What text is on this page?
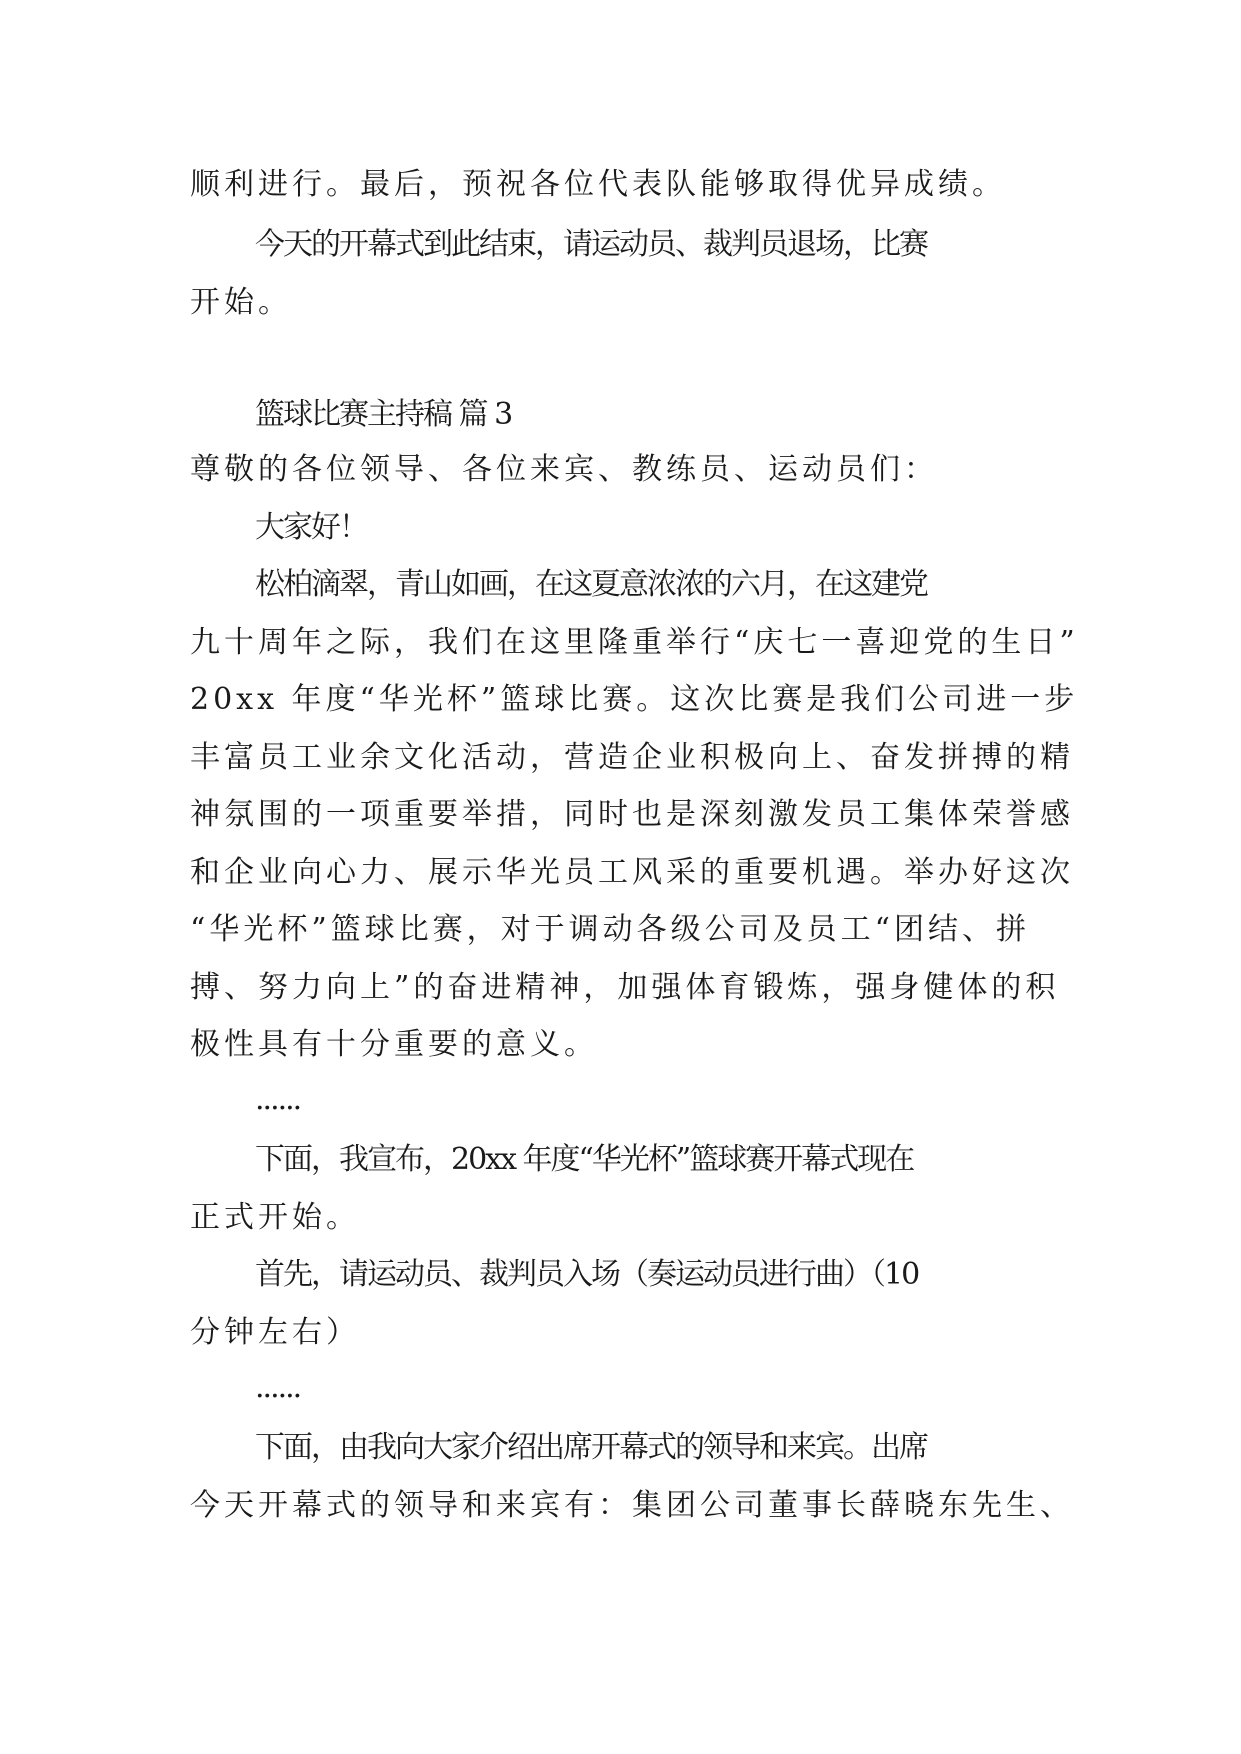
顺利进行。最后，预祝各位代表队能够取得优异成绩。
今天的开幕式到此结束，请运动员、裁判员退场，比赛
开始。
篮球比赛主持稿 篇 3
尊敬的各位领导、各位来宾、教练员、运动员们：
大家好！
松柏滴翠，青山如画，在这夏意浓浓的六月，在这建党
九十周年之际，我们在这里隆重举行“庆七一喜迎党的生日”
20xx 年度“华光杯”篮球比赛。这次比赛是我们公司进一步
丰富员工业余文化活动，营造企业积极向上、奋发拼搏的精
神氛围的一项重要举措，同时也是深刻激发员工集体荣誉感
和企业向心力、展示华光员工风采的重要机遇。举办好这次
“华光杯”篮球比赛，对于调动各级公司及员工“团结、拼
搏、努力向上”的奋进精神，加强体育锻炼，强身健体的积
极性具有十分重要的意义。
......
下面，我宣布，20xx 年度“华光杯”篮球赛开幕式现在
正式开始。
首先，请运动员、裁判员入场（奏运动员进行曲）（10
分钟左右）
......
下面，由我向大家介绍出席开幕式的领导和来宾。出席
今天开幕式的领导和来宾有：集团公司董事长薛晓东先生、
